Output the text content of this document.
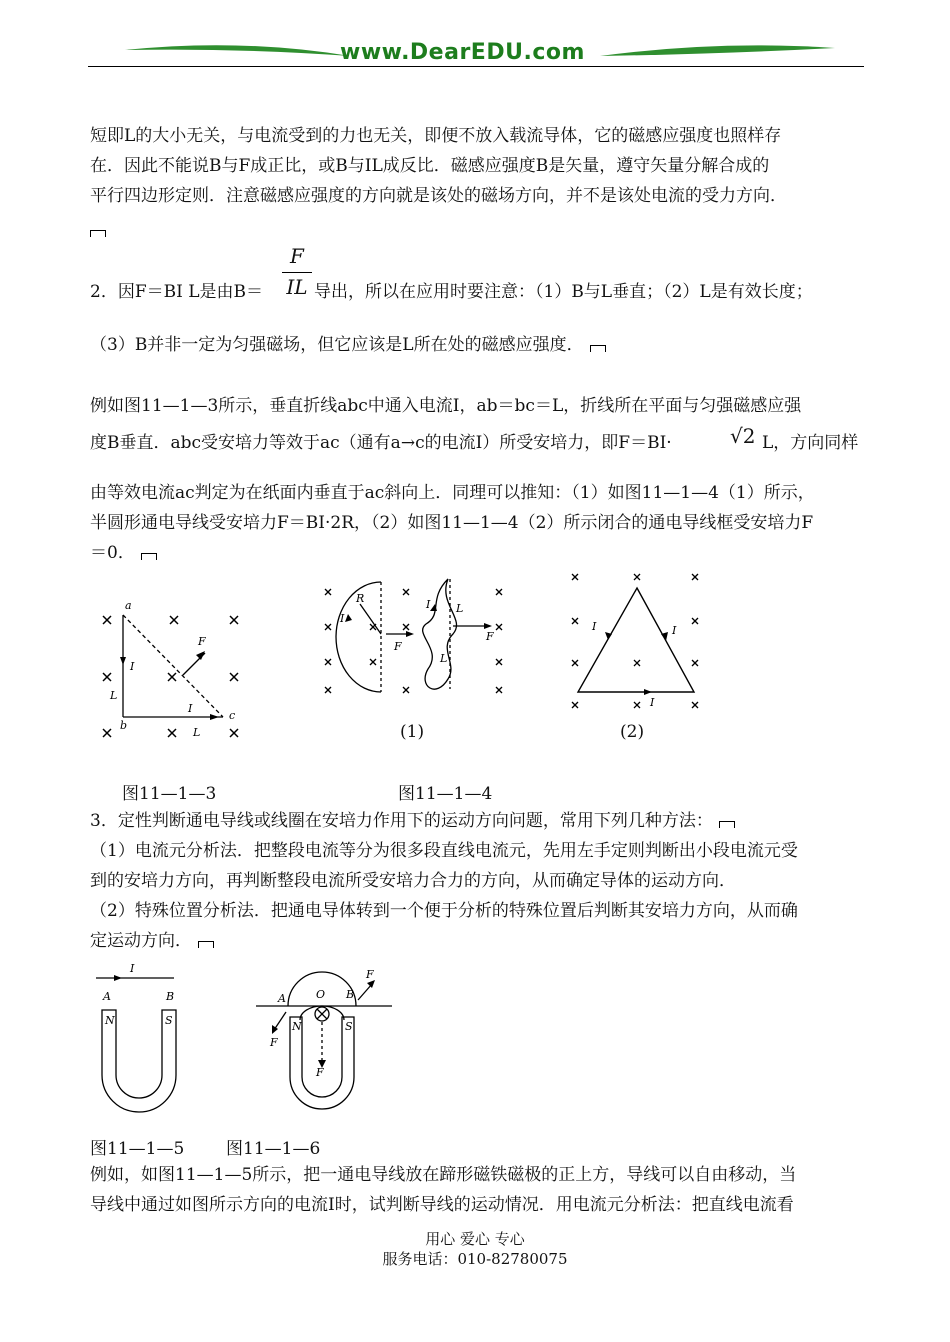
www.DearEDU.com
短即L的大小无关，与电流受到的力也无关，即便不放入载流导体，它的磁感应强度也照样存
在．因此不能说B与F成正比，或B与IL成反比．磁感应强度B是矢量，遵守矢量分解合成的
平行四边形定则．注意磁感应强度的方向就是该处的磁场方向，并不是该处电流的受力方向．
2．因F＝BI L是由B＝
F
IL 导出，所以在应用时要注意：（1）B与L垂直；（2）L是有效长度；
（3）B并非一定为匀强磁场，但它应该是L所在处的磁感应强度．
例如图11—1—3所示，垂直折线abc中通入电流I，ab＝bc＝L，折线所在平面与匀强磁感应强
度B垂直．abc受安培力等效于ac（通有a→c的电流I）所受安培力，即F＝BI·	√2 L，方向同样
由等效电流ac判定为在纸面内垂直于ac斜向上．同理可以推知：（1）如图11—1—4（1）所示，
半圆形通电导线受安培力F＝BI·2R，（2）如图11—1—4（2）所示闭合的通电导线框受安培力F
＝0．
a
b
c
I
L
I
L
F
R
I
F
I L
F
L
(1)
I	I
I
(2)
图11—1—3	图11—1—4
3．定性判断通电导线或线圈在安培力作用下的运动方向问题，常用下列几种方法：
（1）电流元分析法．把整段电流等分为很多段直线电流元，先用左手定则判断出小段电流元受
到的安培力方向，再判断整段电流所受安培力合力的方向，从而确定导体的运动方向．
（2）特殊位置分析法．把通电导体转到一个便于分析的特殊位置后判断其安培力方向，从而确
定运动方向．
I
A	B
N	S
A	O B
F
N	S
F
F
图11—1—5 图11—1—6
例如，如图11—1—5所示，把一通电导线放在蹄形磁铁磁极的正上方，导线可以自由移动，当
导线中通过如图所示方向的电流I时，试判断导线的运动情况．用电流元分析法：把直线电流看
用心 爱心 专心
服务电话：010-82780075
